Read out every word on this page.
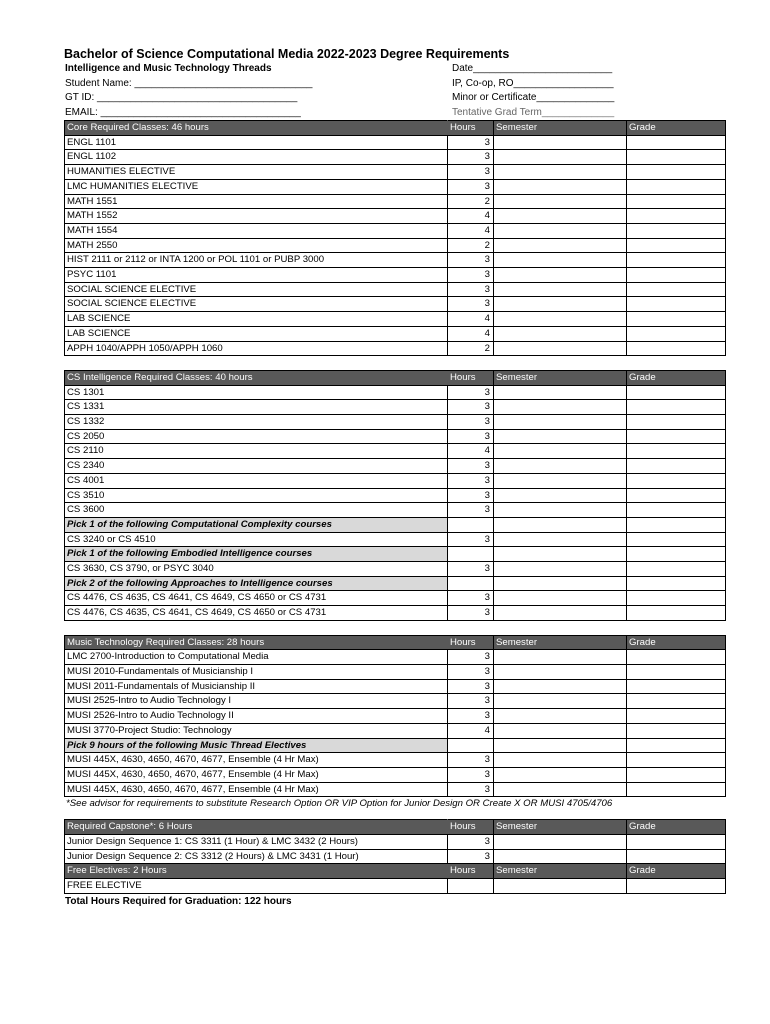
Bachelor of Science Computational Media 2022-2023 Degree Requirements
Intelligence and Music Technology Threads
Student Name: ________________________________
GT ID: ____________________________________
EMAIL: ____________________________________
Date_________________________
IP, Co-op, RO__________________
Minor or Certificate______________
Tentative Grad Term_____________
Core Required Classes: 46 hours	Hours	Semester	Grade
ENGL 1101	3		
ENGL 1102	3		
HUMANITIES ELECTIVE	3		
LMC HUMANITIES ELECTIVE	3		
MATH 1551	2		
MATH 1552	4		
MATH 1554	4		
MATH 2550	2		
HIST 2111 or 2112 or INTA 1200 or POL 1101 or PUBP 3000	3		
PSYC 1101	3		
SOCIAL SCIENCE ELECTIVE	3		
SOCIAL SCIENCE ELECTIVE	3		
LAB SCIENCE	4		
LAB SCIENCE	4		
APPH 1040/APPH 1050/APPH 1060	2		

CS Intelligence Required Classes: 40 hours	Hours	Semester	Grade
CS 1301	3		
CS 1331	3		
CS 1332	3		
CS 2050	3		
CS 2110	4		
CS 2340	3		
CS 4001	3		
CS 3510	3		
CS 3600	3		
Pick 1 of the following Computational Complexity courses			
CS 3240 or CS 4510	3		
Pick 1 of the following Embodied Intelligence courses			
CS 3630, CS 3790, or PSYC 3040	3		
Pick 2 of the following Approaches to Intelligence courses			
CS 4476, CS 4635, CS 4641, CS 4649, CS 4650 or CS 4731	3		
CS 4476, CS 4635, CS 4641, CS 4649, CS 4650 or CS 4731	3		

Music Technology Required Classes: 28 hours	Hours	Semester	Grade
LMC 2700-Introduction to Computational Media	3		
MUSI 2010-Fundamentals of Musicianship I	3		
MUSI 2011-Fundamentals of Musicianship II	3		
MUSI 2525-Intro to Audio Technology I	3		
MUSI 2526-Intro to Audio Technology II	3		
MUSI 3770-Project Studio: Technology	4		
Pick 9 hours of the following Music Thread Electives			
MUSI 445X, 4630, 4650, 4670, 4677, Ensemble (4 Hr Max)	3		
MUSI 445X, 4630, 4650, 4670, 4677, Ensemble (4 Hr Max)	3		
MUSI 445X, 4630, 4650, 4670, 4677, Ensemble (4 Hr Max)	3		
*See advisor for requirements to substitute Research Option OR VIP Option for Junior Design OR Create X OR MUSI 4705/4706
Required Capstone*: 6 Hours	Hours	Semester	Grade
Junior Design Sequence 1: CS 3311 (1 Hour) & LMC 3432 (2 Hours)	3		
Junior Design Sequence 2: CS 3312 (2 Hours) & LMC 3431 (1 Hour)	3		
Free Electives: 2 Hours	Hours	Semester	Grade
FREE ELECTIVE			
Total Hours Required for Graduation: 122 hours
